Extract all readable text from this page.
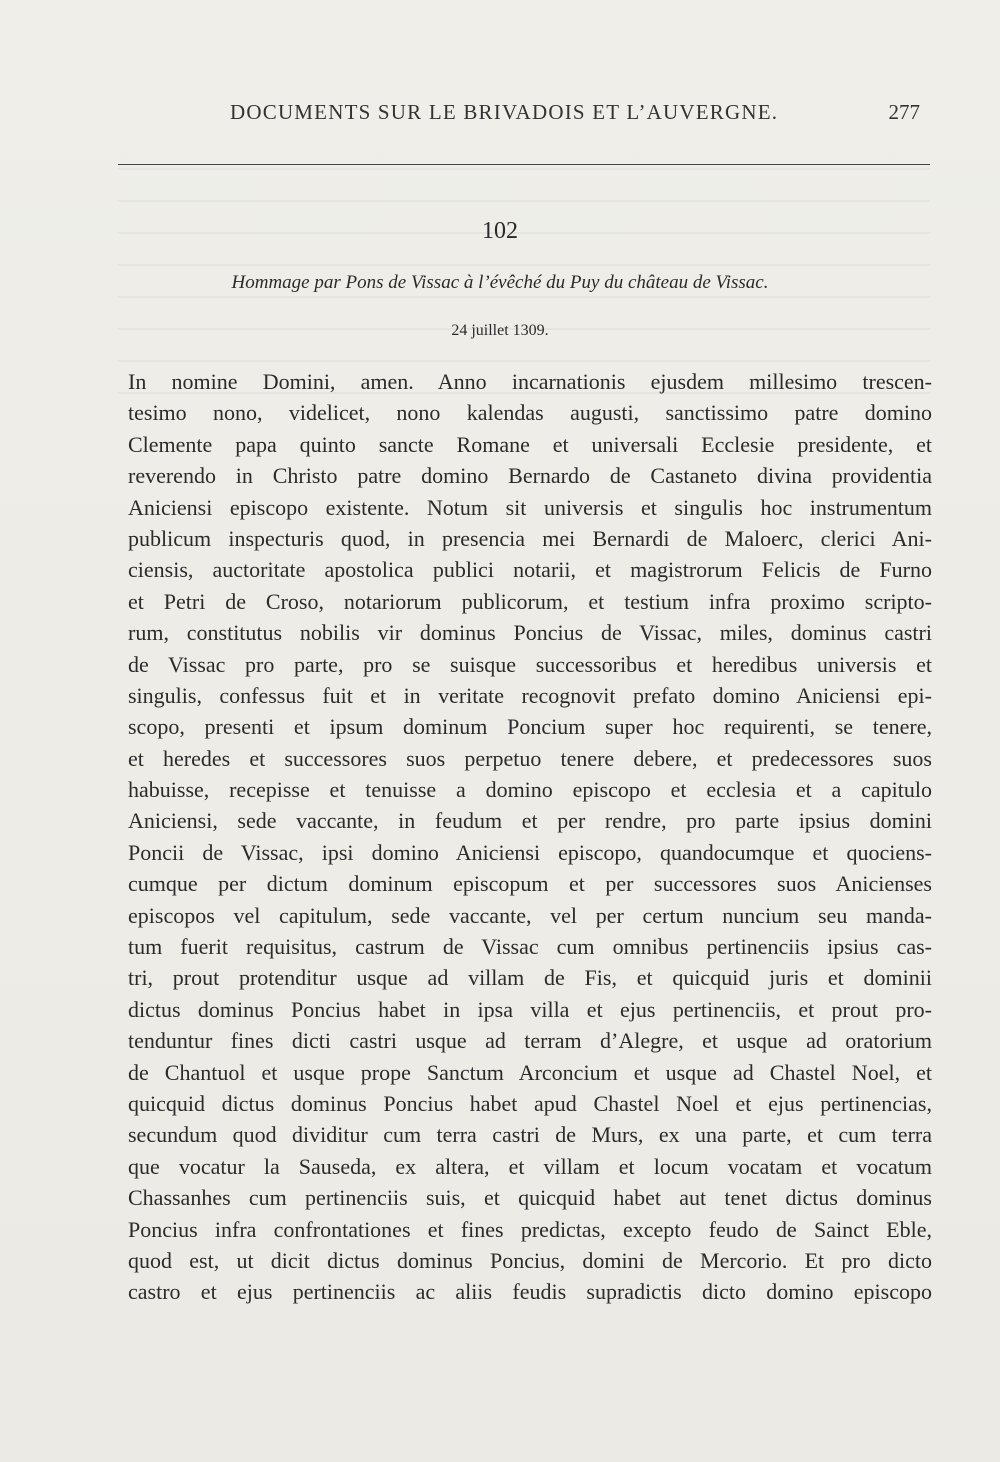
DOCUMENTS SUR LE BRIVADOIS ET L’AUVERGNE.	277
102
Hommage par Pons de Vissac à l’évêché du Puy du château de Vissac.
24 juillet 1309.
In nomine Domini, amen. Anno incarnationis ejusdem millesimo trescen-
tesimo nono, videlicet, nono kalendas augusti, sanctissimo patre domino
Clemente papa quinto sancte Romane et universali Ecclesie presidente, et
reverendo in Christo patre domino Bernardo de Castaneto divina providentia
Aniciensi episcopo existente. Notum sit universis et singulis hoc instrumentum
publicum inspecturis quod, in presencia mei Bernardi de Maloerc, clerici Ani-
ciensis, auctoritate apostolica publici notarii, et magistrorum Felicis de Furno
et Petri de Croso, notariorum publicorum, et testium infra proximo scripto-
rum, constitutus nobilis vir dominus Poncius de Vissac, miles, dominus castri
de Vissac pro parte, pro se suisque successoribus et heredibus universis et
singulis, confessus fuit et in veritate recognovit prefato domino Aniciensi epi-
scopo, presenti et ipsum dominum Poncium super hoc requirenti, se tenere,
et heredes et successores suos perpetuo tenere debere, et predecessores suos
habuisse, recepisse et tenuisse a domino episcopo et ecclesia et a capitulo
Aniciensi, sede vaccante, in feudum et per rendre, pro parte ipsius domini
Poncii de Vissac, ipsi domino Aniciensi episcopo, quandocumque et quociens-
cumque per dictum dominum episcopum et per successores suos Anicienses
episcopos vel capitulum, sede vaccante, vel per certum nuncium seu manda-
tum fuerit requisitus, castrum de Vissac cum omnibus pertinenciis ipsius cas-
tri, prout protenditur usque ad villam de Fis, et quicquid juris et dominii
dictus dominus Poncius habet in ipsa villa et ejus pertinenciis, et prout pro-
tenduntur fines dicti castri usque ad terram d’Alegre, et usque ad oratorium
de Chantuol et usque prope Sanctum Arconcium et usque ad Chastel Noel, et
quicquid dictus dominus Poncius habet apud Chastel Noel et ejus pertinencias,
secundum quod dividitur cum terra castri de Murs, ex una parte, et cum terra
que vocatur la Sauseda, ex altera, et villam et locum vocatam et vocatum
Chassanhes cum pertinenciis suis, et quicquid habet aut tenet dictus dominus
Poncius infra confrontationes et fines predictas, excepto feudo de Sainct Eble,
quod est, ut dicit dictus dominus Poncius, domini de Mercorio. Et pro dicto
castro et ejus pertinenciis ac aliis feudis supradictis dicto domino episcopo
